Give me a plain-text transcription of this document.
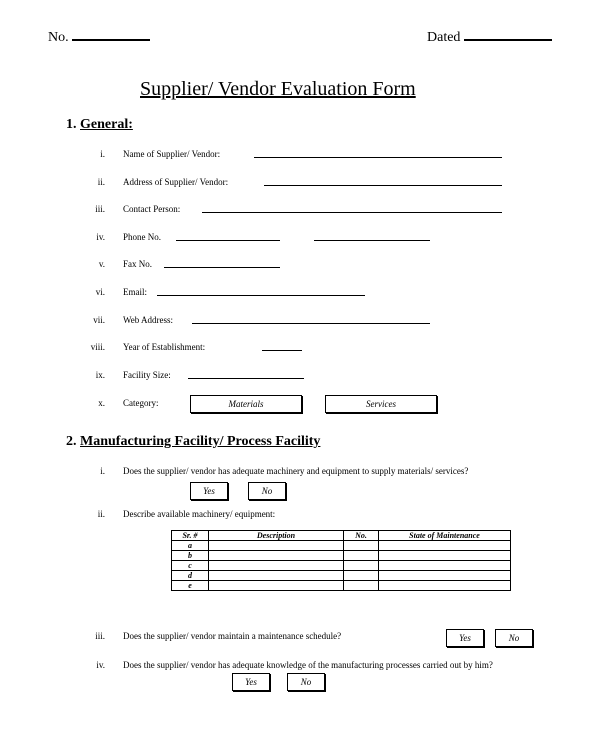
No.	Dated
Supplier/ Vendor Evaluation Form
1. General:
i. Name of Supplier/ Vendor:
ii. Address of Supplier/ Vendor:
iii. Contact Person:
iv. Phone No.
v. Fax No.
vi. Email:
vii. Web Address:
viii. Year of Establishment:
ix. Facility Size:
x. Category:	Materials	Services
2. Manufacturing Facility/ Process Facility
i. Does the supplier/ vendor has adequate machinery and equipment to supply materials/ services?
Yes	No
ii. Describe available machinery/ equipment:
Sr. #	Description	No.	State of Maintenance
a			
b			
c			
d			
e			
iii. Does the supplier/ vendor maintain a maintenance schedule?	Yes	No
iv. Does the supplier/ vendor has adequate knowledge of the manufacturing processes carried out by him?
Yes	No
